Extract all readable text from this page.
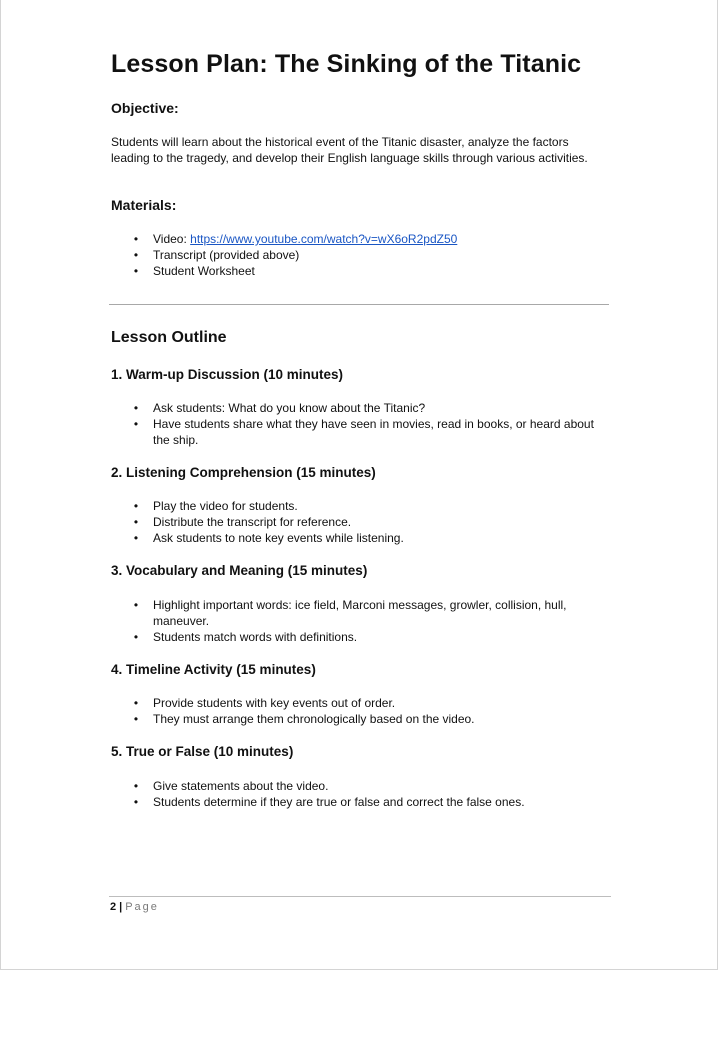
Lesson Plan: The Sinking of the Titanic
Objective:

Students will learn about the historical event of the Titanic disaster, analyze the factors leading to the tragedy, and develop their English language skills through various activities.

Materials:
• Video: https://www.youtube.com/watch?v=wX6oR2pdZ50
• Transcript (provided above)
• Student Worksheet
Lesson Outline
1. Warm-up Discussion (10 minutes)
• Ask students: What do you know about the Titanic?
• Have students share what they have seen in movies, read in books, or heard about the ship.
2. Listening Comprehension (15 minutes)
• Play the video for students.
• Distribute the transcript for reference.
• Ask students to note key events while listening.
3. Vocabulary and Meaning (15 minutes)
• Highlight important words: ice field, Marconi messages, growler, collision, hull, maneuver.
• Students match words with definitions.
4. Timeline Activity (15 minutes)
• Provide students with key events out of order.
• They must arrange them chronologically based on the video.
5. True or False (10 minutes)
• Give statements about the video.
• Students determine if they are true or false and correct the false ones.
2 | Page
